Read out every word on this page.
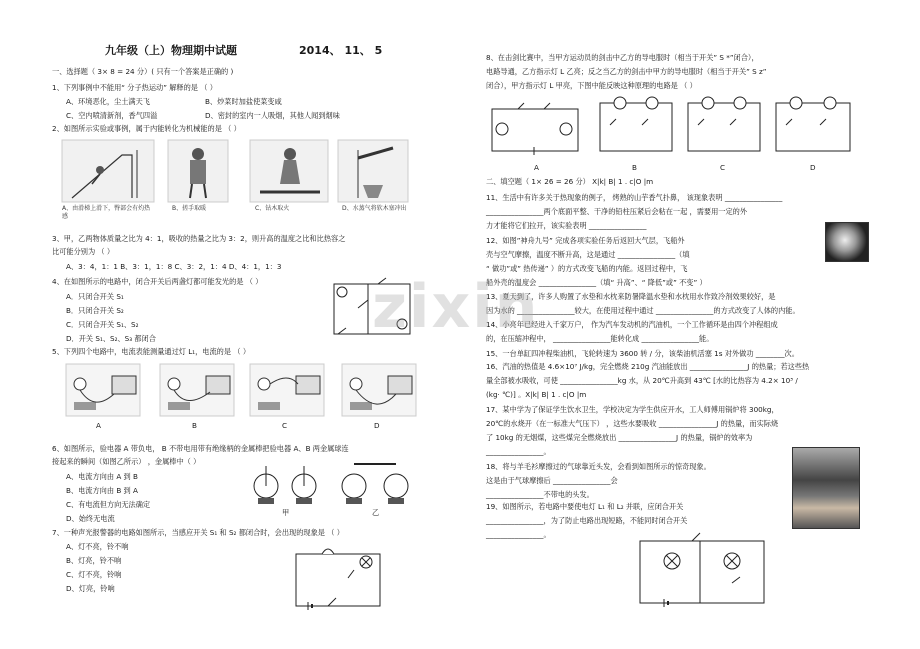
九年级（上）物理期中试题	2014、 11、 5
一、选择题（ 3× 8 = 24 分）( 只有一个答案是正确的 )
1、下列事例中不能用“ 分子热运动” 解释的是 （ ）
A、环境恶化，尘土满天飞	B、炒菜时加盐使菜变咸
C、空内喷清新剂，香气四溢	D、密封的室内一人吸烟，其他人闻到烟味
2、如图所示实验或事例，属于内能转化为机械能的是 （ ）
A、由滑梯上滑下，臀部会有灼热感
B、搓手取暖	C、钻木取火	D、水蒸气将软木塞冲出
3、甲，乙两物体质量之比为 4：1，吸收的热量之比为 3：2，则升高的温度之比和比热容之
比可能分别为 （ ）
A、3：4，1：1 B、3：1，1：8 C、3：2，1：4 D、4：1，1：3
4、在如图所示的电路中，闭合开关后两盏灯都可能发光的是 （ ）
A．只闭合开关 S₁
B．只闭合开关 S₂
C．只闭合开关 S₁、S₂
D．开关 S₁、S₂、S₃ 都闭合
5、下列四个电路中，电流表能测量通过灯 L₁，电流的是 （ ）
A	B	C	D
6、如图所示，验电器 A 带负电， B 不带电用带有绝缘柄的金属棒把验电器 A、B 两金属球连
接起来的瞬间（如图乙所示） ，金属棒中（ ）
A、电流方向由 A 到 B
B、电流方向由 B 到 A
C、有电流但方向无法确定
D、始终无电流
甲	乙
7、一种声光报警器的电路如图所示，当感应开关 S₁ 和 S₂ 都闭合时，会出现的现象是 （ ）
A、灯不亮，铃不响
B、灯亮，铃不响
C、灯不亮，铃响
D、灯亮，铃响
8、在击剑比赛中，当甲方运动员的剑击中乙方的导电服时（相当于开关” S *”闭合），
电路导通，乙方指示灯 L 乙亮；反之当乙方的剑击中甲方的导电服时（相当于开关” S z”
闭合），甲方指示灯 L 甲亮，下图中能反映这种原理的电路是 （ ）
A	B	C	D
二、填空题（ 1× 26 = 26 分） X|k| B| 1 . c|O |m
11、生活中有许多关于热现象的例子， 烤熟的山芋香气扑鼻， 该现象表明 ________________
________________两个底面平整、干净的铅柱压紧后会粘在一起 ，需要用一定的外
力才能将它们拉开，该实验表明 ________________
12、如图”神舟九号” 完成各项实验任务后返回大气层，飞船外
壳与空气摩擦，温度不断升高，这是通过 ________________（填
“ 做功”或” 热传递” ）的方式改变飞船的内能。返回过程中，飞
船外壳的温度会 ________________（填“ 升高”、“ 降低”或” 不变” ）
13、夏天到了，许多人购置了水垫和水枕来防暑降温水垫和水枕用水作致冷剂效果较好，是
因为水的 ________________较大，在使用过程中通过 ________________的方式改变了人体的内能。
14、小亮年已经进入千家万户， 作为汽车发动机的汽油机，一个工作循环是由四个冲程组成
的，在压缩冲程中， ________________能转化成 ________________能。
15、一台单缸四冲程柴油机，飞轮转速为 3600 转 / 分，该柴油机活塞 1s 对外做功 ________次。
16、汽油的热值是 4.6×10⁷ J/kg，完全燃烧 210g 汽油能放出 ________________J 的热量；若这些热
量全部被水吸收，可使 ________________kg 水，从 20℃升高到 43℃ [水的比热容为 4.2× 10³ /
(kg· ℃)] 。X|k| B| 1 . c|O |m
17、某中学为了保证学生饮水卫生，学校决定为学生供应开水，工人师傅用锅炉将 300kg，
20℃的水烧开（在一标准大气压下） ，这些水要吸收 ________________J 的热量，而实际烧
了 10kg 的无烟煤，这些煤完全燃烧放出 ________________J 的热量，锅炉的效率为
________________。
18、将与羊毛衫摩擦过的气球靠近头发，会看到如图所示的惊奇现象。
这是由于气球摩擦后 ________________会
________________不带电的头发。
19、如图所示，若电路中要使电灯 L₁ 和 L₂ 并联，应闭合开关
________________，为了防止电路出现短路，不能同时闭合开关
________________。
zixin
